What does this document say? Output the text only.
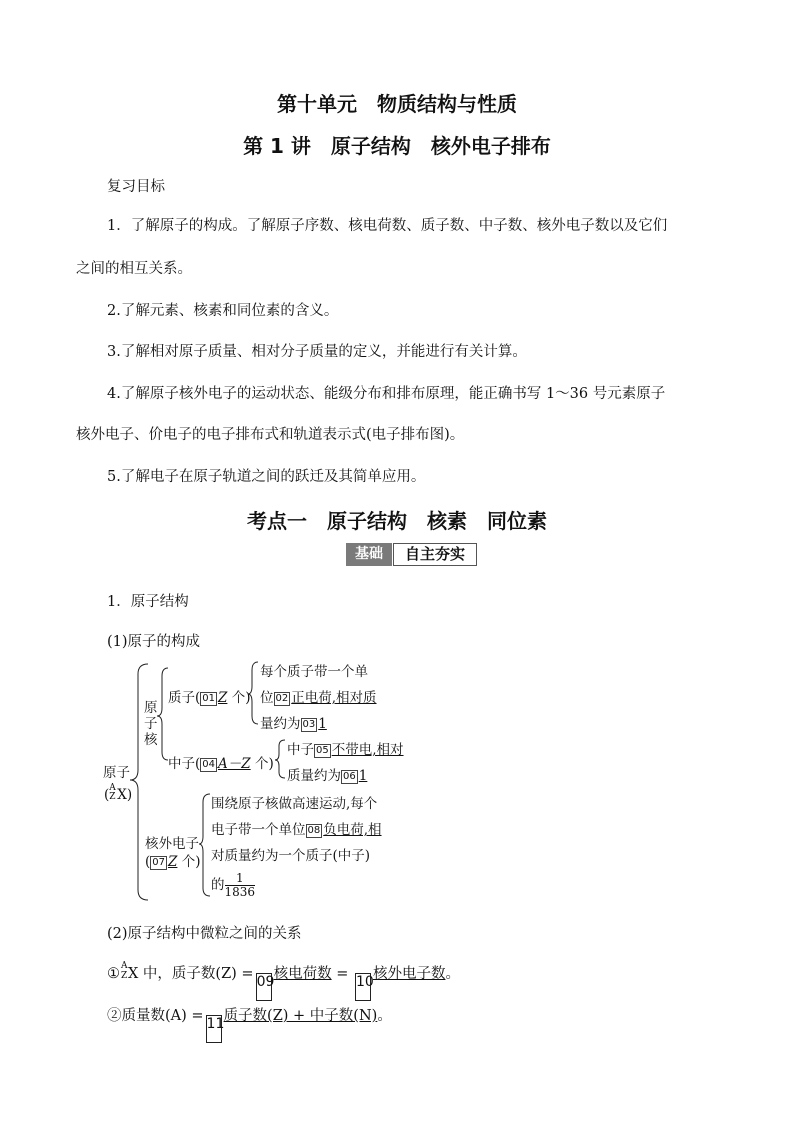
第十单元　物质结构与性质
第 1 讲　原子结构　核外电子排布
复习目标
1．了解原子的构成。了解原子序数、核电荷数、质子数、中子数、核外电子数以及它们
之间的相互关系。
2.了解元素、核素和同位素的含义。
3.了解相对原子质量、相对分子质量的定义，并能进行有关计算。
4.了解原子核外电子的运动状态、能级分布和排布原理，能正确书写 1～36 号元素原子
核外电子、价电子的电子排布式和轨道表示式(电子排布图)。
5.了解电子在原子轨道之间的跃迁及其简单应用。
考点一　原子结构　核素　同位素
基础	自主夯实
1．原子结构
(1)原子的构成
原子
( A
Z X)
原
子
核
质子( 01 Z 个)
每个质子带一个单
位 02 正电荷,相对质
量约为 03 1
中子( 04 A－Z 个)
中子 05 不带电,相对
质量约为 06 1
核外电子
( 07 Z 个)
围绕原子核做高速运动,每个
电子带一个单位 08 负电荷,相
对质量约为一个质子(中子)
的 $\frac{1}{1836}$
(2)原子结构中微粒之间的关系
① A
Z X 中，质子数(Z) = 09核电荷数 = 10核外电子数。
②质量数(A) = 11质子数(Z) + 中子数(N)。
